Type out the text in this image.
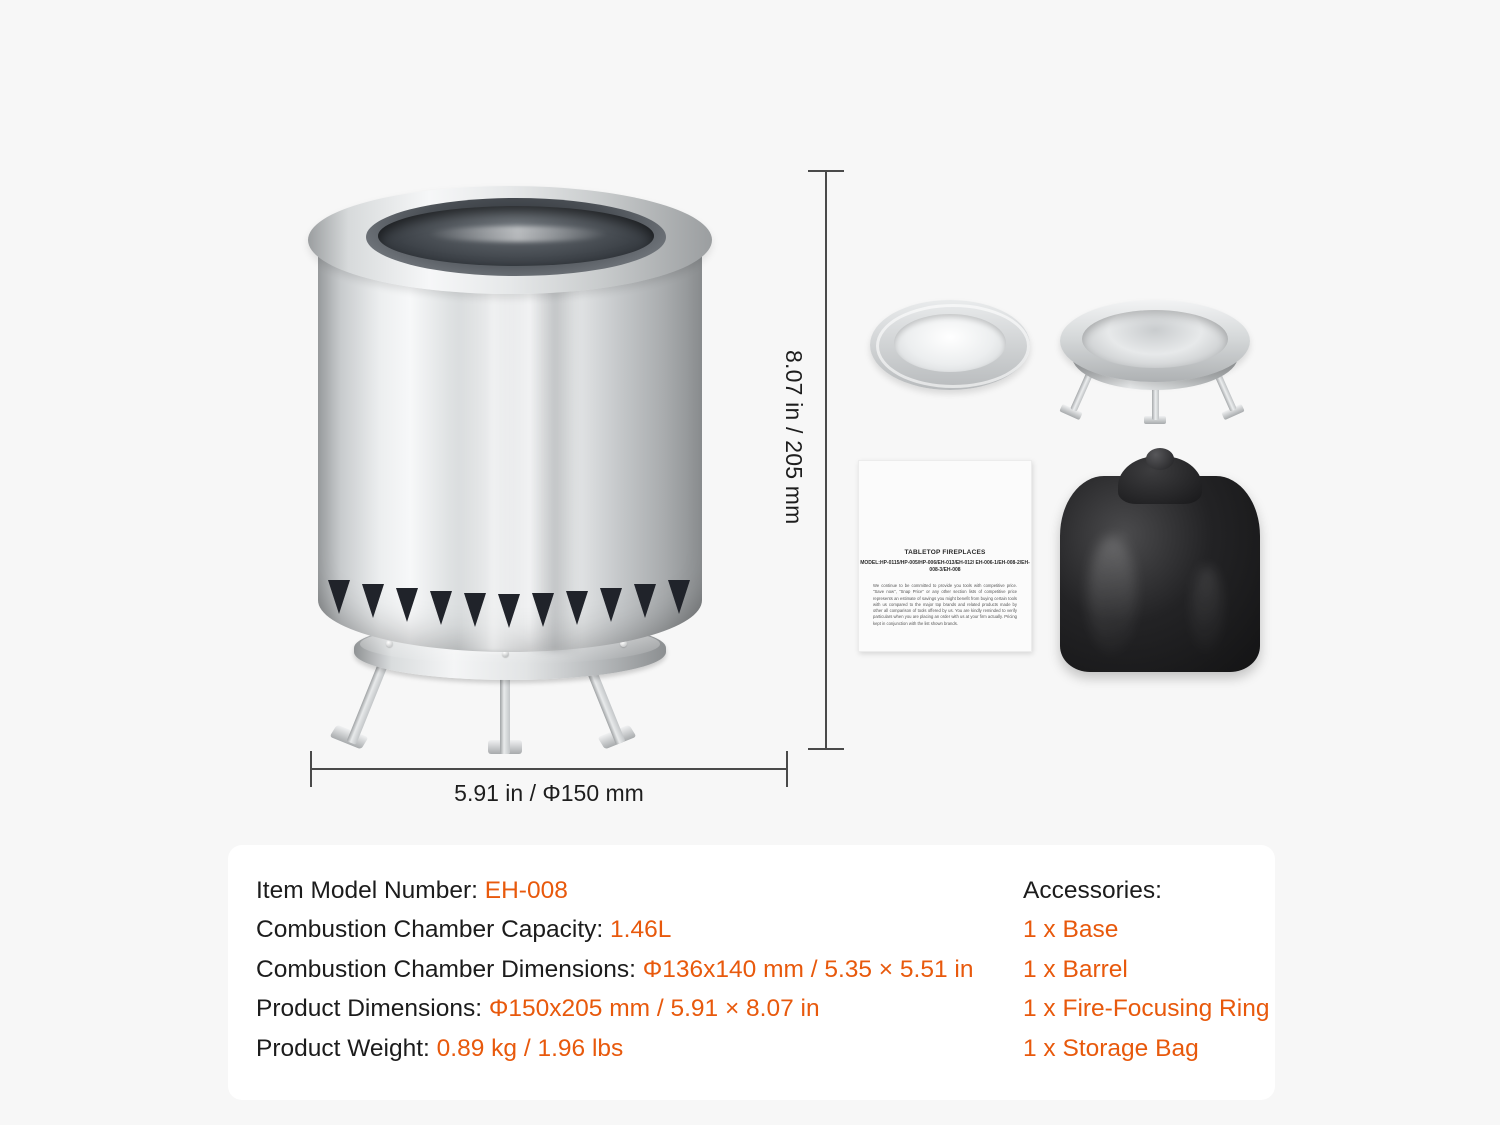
8.07 in / 205 mm
5.91 in / Φ150 mm
TABLETOP FIREPLACES
MODEL:HP-0115/HP-005/HP-006/EH-013/EH-012/ EH-006-1/EH-008-2/EH-008-3/EH-008
We continue to be committed to provide you tools with competitive price. "Save now", "Snap Price" or any other section lists of competitive price represents an estimate of savings you might benefit from buying certain tools with us compared to the major top brands and related products made by other all comparison of tools offered by us. You are kindly reminded to verify particulars when you are placing an order with us at your firm actually. Pricing kept in conjunction with the list shown brands.
Item Model Number: EH-008
Combustion Chamber Capacity: 1.46L
Combustion Chamber Dimensions: Φ136x140 mm / 5.35 × 5.51 in
Product Dimensions: Φ150x205 mm / 5.91 × 8.07 in
Product Weight: 0.89 kg / 1.96 lbs
Accessories:
1 x Base
1 x Barrel
1 x Fire-Focusing Ring
1 x Storage Bag
